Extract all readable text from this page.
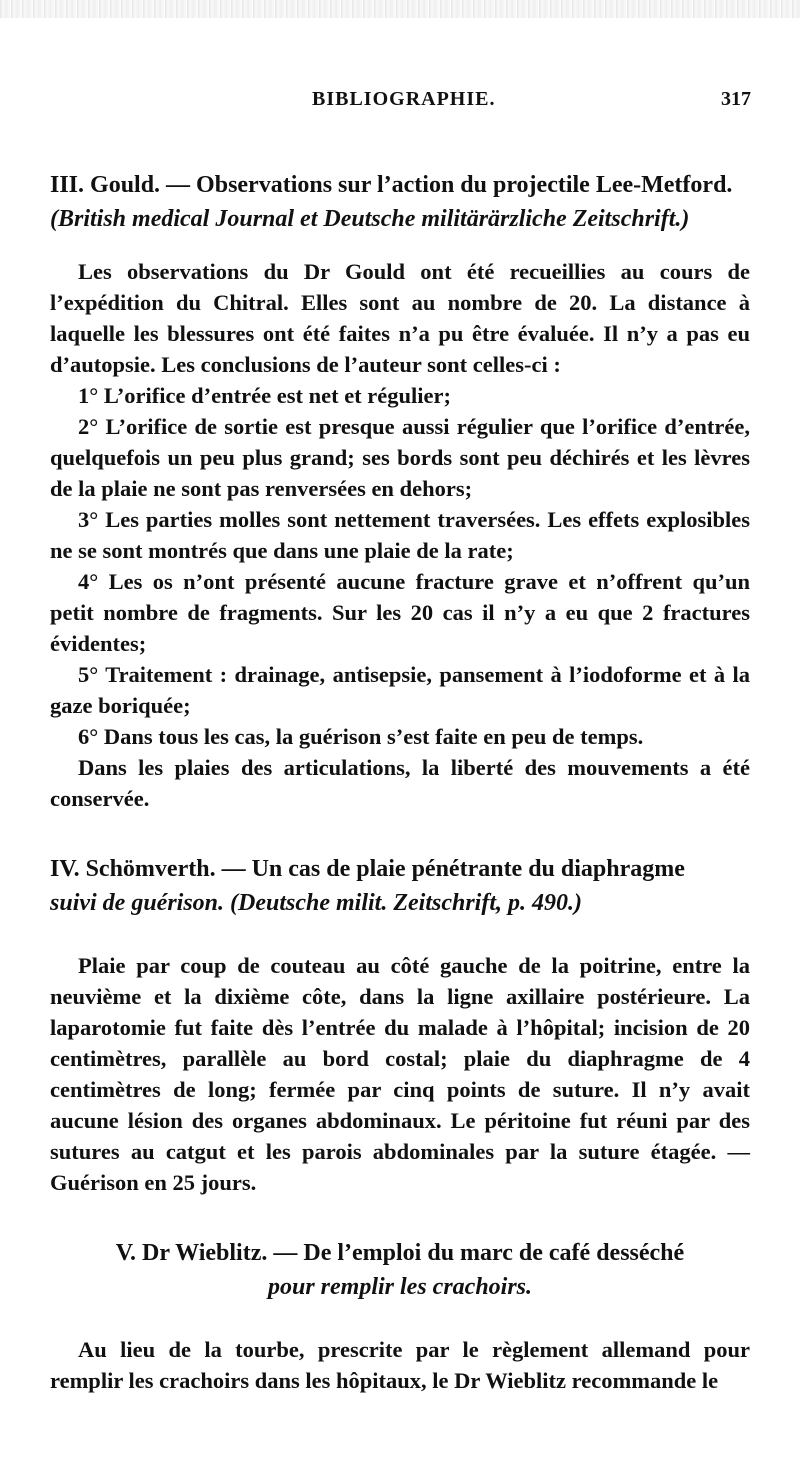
BIBLIOGRAPHIE.	317
III. Gould. — Observations sur l’action du projectile Lee-Metford.
(British medical Journal et Deutsche militärärzliche Zeitschrift.)

Les observations du Dr Gould ont été recueillies au cours de l’expédition du Chitral. Elles sont au nombre de 20. La distance à laquelle les blessures ont été faites n’a pu être évaluée. Il n’y a pas eu d’autopsie. Les conclusions de l’auteur sont celles-ci :

1° L’orifice d’entrée est net et régulier;

2° L’orifice de sortie est presque aussi régulier que l’orifice d’entrée, quelquefois un peu plus grand; ses bords sont peu déchirés et les lèvres de la plaie ne sont pas renversées en dehors;

3° Les parties molles sont nettement traversées. Les effets explosibles ne se sont montrés que dans une plaie de la rate;

4° Les os n’ont présenté aucune fracture grave et n’offrent qu’un petit nombre de fragments. Sur les 20 cas il n’y a eu que 2 fractures évidentes;

5° Traitement : drainage, antisepsie, pansement à l’iodoforme et à la gaze boriquée;

6° Dans tous les cas, la guérison s’est faite en peu de temps.

Dans les plaies des articulations, la liberté des mouvements a été conservée.

IV. Schömverth. — Un cas de plaie pénétrante du diaphragme
suivi de guérison. (Deutsche milit. Zeitschrift, p. 490.)

Plaie par coup de couteau au côté gauche de la poitrine, entre la neuvième et la dixième côte, dans la ligne axillaire postérieure. La laparotomie fut faite dès l’entrée du malade à l’hôpital; incision de 20 centimètres, parallèle au bord costal; plaie du diaphragme de 4 centimètres de long; fermée par cinq points de suture. Il n’y avait aucune lésion des organes abdominaux. Le péritoine fut réuni par des sutures au catgut et les parois abdominales par la suture étagée. — Guérison en 25 jours.

V. Dr Wieblitz. — De l’emploi du marc de café desséché
pour remplir les crachoirs.

Au lieu de la tourbe, prescrite par le règlement allemand pour remplir les crachoirs dans les hôpitaux, le Dr Wieblitz recommande le
